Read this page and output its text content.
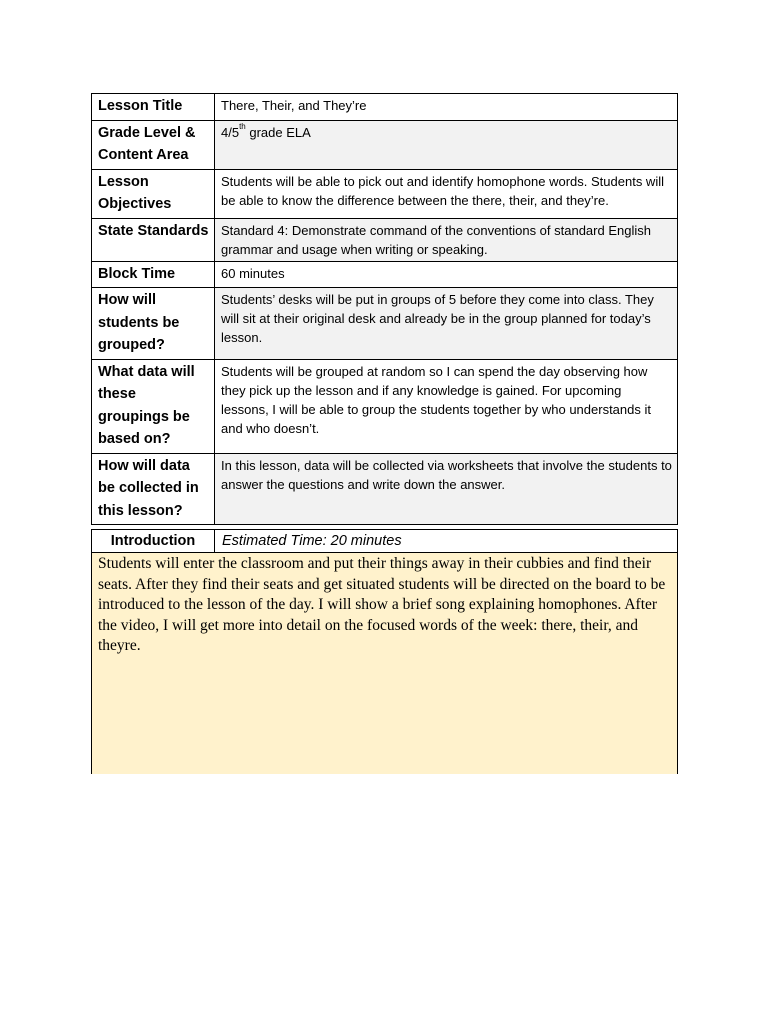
Lesson Title	There, Their, and They’re
Grade Level & Content Area	4/5th grade ELA
Lesson Objectives	Students will be able to pick out and identify homophone words. Students will be able to know the difference between the there, their, and they’re.
State Standards	Standard 4: Demonstrate command of the conventions of standard English grammar and usage when writing or speaking.
Block Time	60 minutes
How will students be grouped?	Students’ desks will be put in groups of 5 before they come into class. They will sit at their original desk and already be in the group planned for today’s lesson.
What data will these groupings be based on?	Students will be grouped at random so I can spend the day observing how they pick up the lesson and if any knowledge is gained. For upcoming lessons, I will be able to group the students together by who understands it and who doesn’t.
How will data be collected in this lesson?	In this lesson, data will be collected via worksheets that involve the students to answer the questions and write down the answer.
Introduction	Estimated Time: 20 minutes
Students will enter the classroom and put their things away in their cubbies and find their seats. After they find their seats and get situated students will be directed on the board to be introduced to the lesson of the day. I will show a brief song explaining homophones. After the video, I will get more into detail on the focused words of the week: there, their, and theyre.
